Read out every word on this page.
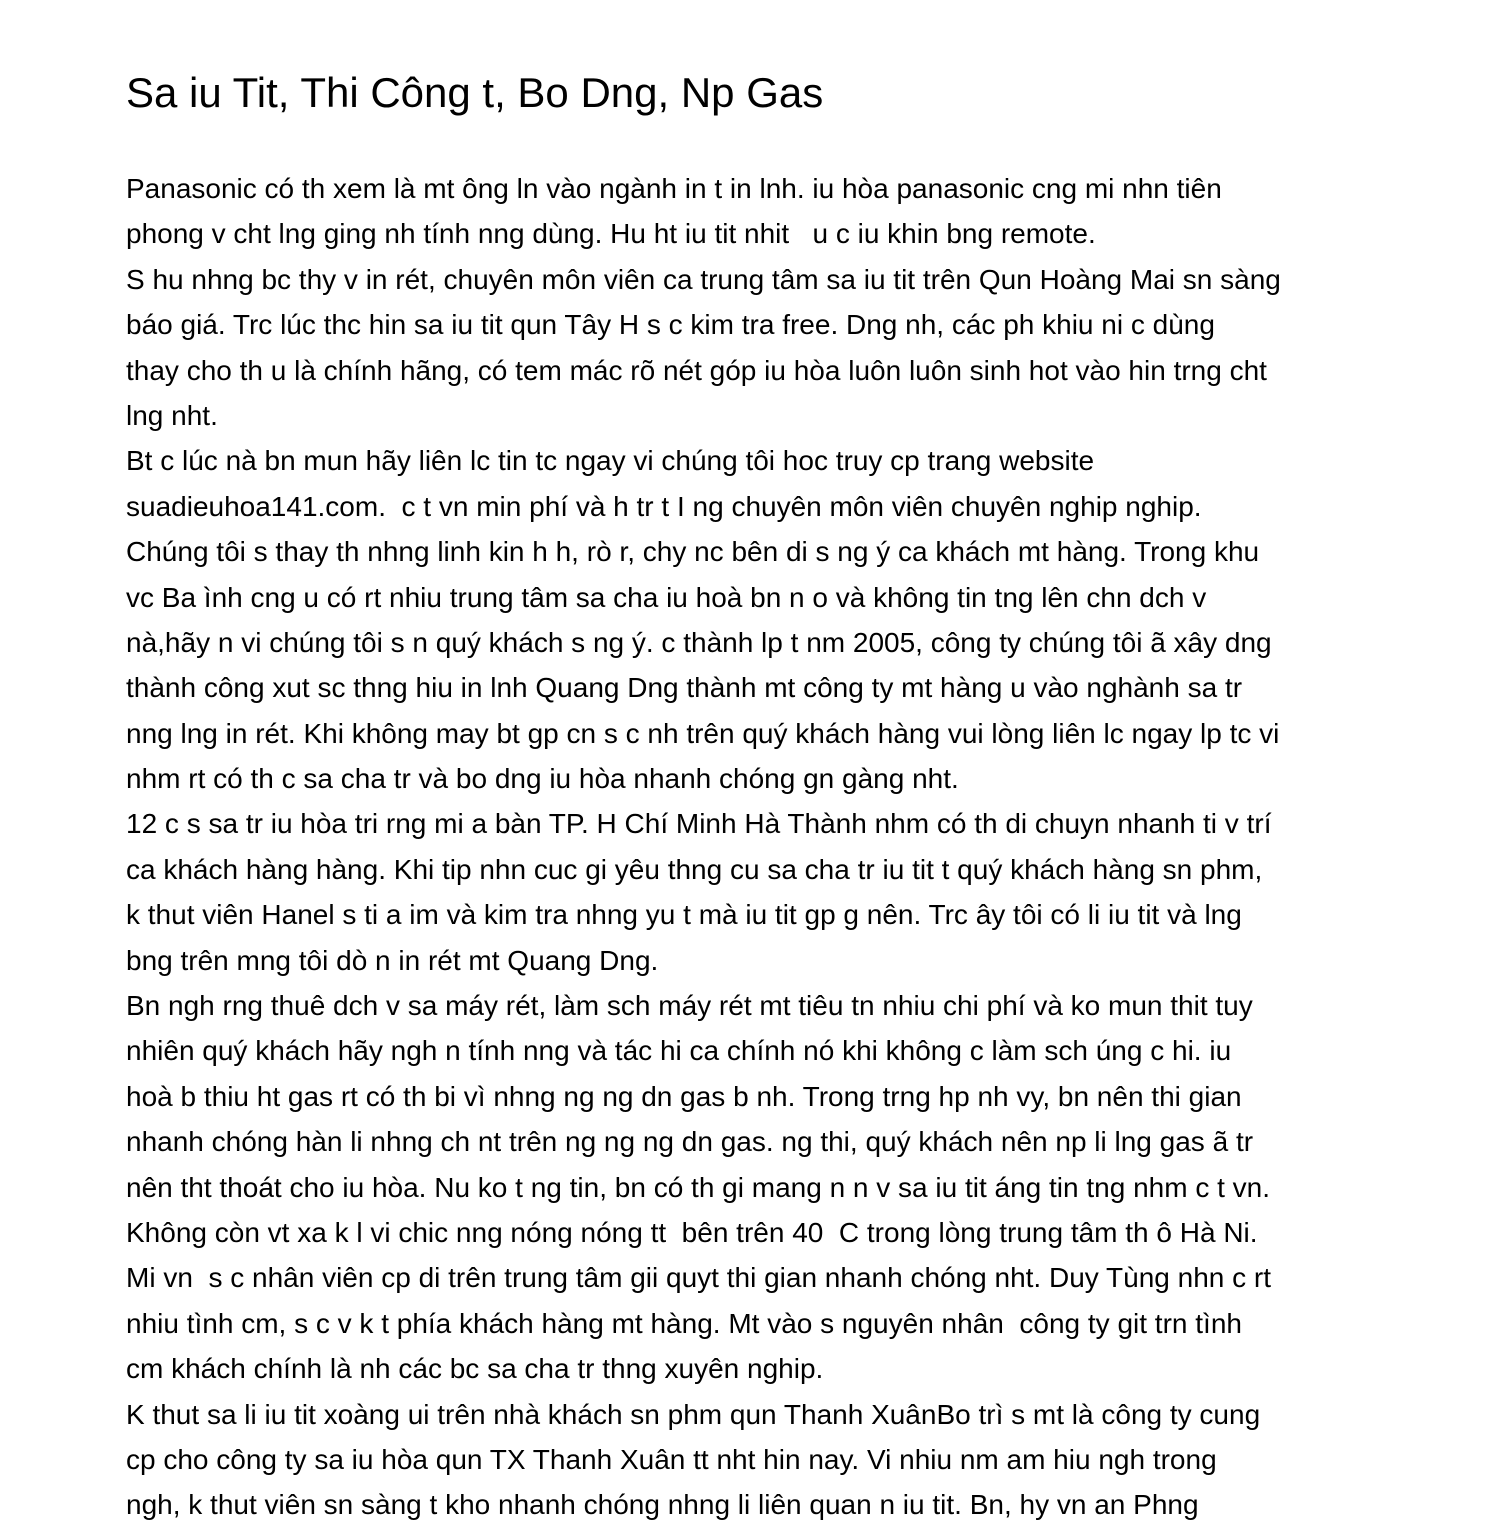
Sa iu Tit, Thi Công t, Bo Dng, Np Gas
Panasonic có th xem là mt ông ln vào ngành in t in lnh. iu hòa panasonic cng mi nhn tiên
phong v cht lng ging nh tính nng dùng. Hu ht iu tit nhit   u c iu khin bng remote.
S hu nhng bc thy v in rét, chuyên môn viên ca trung tâm sa iu tit trên Qun Hoàng Mai sn sàng
báo giá. Trc lúc thc hin sa iu tit qun Tây H s c kim tra free. Dng nh, các ph khiu ni c dùng
thay cho th u là chính hãng, có tem mác rõ nét góp iu hòa luôn luôn sinh hot vào hin trng cht
lng nht.
Bt c lúc nà bn mun hãy liên lc tin tc ngay vi chúng tôi hoc truy cp trang website
suadieuhoa141.com.  c t vn min phí và h tr t I ng chuyên môn viên chuyên nghip nghip.
Chúng tôi s thay th nhng linh kin h h, rò r, chy nc bên di s ng ý ca khách mt hàng. Trong khu
vc Ba ình cng u có rt nhiu trung tâm sa cha iu hoà bn n o và không tin tng lên chn dch v
nà,hãy n vi chúng tôi s n quý khách s ng ý. c thành lp t nm 2005, công ty chúng tôi ã xây dng
thành công xut sc thng hiu in lnh Quang Dng thành mt công ty mt hàng u vào nghành sa tr
nng lng in rét. Khi không may bt gp cn s c nh trên quý khách hàng vui lòng liên lc ngay lp tc vi
nhm rt có th c sa cha tr và bo dng iu hòa nhanh chóng gn gàng nht.
12 c s sa tr iu hòa tri rng mi a bàn TP. H Chí Minh Hà Thành nhm có th di chuyn nhanh ti v trí
ca khách hàng hàng. Khi tip nhn cuc gi yêu thng cu sa cha tr iu tit t quý khách hàng sn phm,
k thut viên Hanel s ti a im và kim tra nhng yu t mà iu tit gp g nên. Trc ây tôi có li iu tit và lng
bng trên mng tôi dò n in rét mt Quang Dng.
Bn ngh rng thuê dch v sa máy rét, làm sch máy rét mt tiêu tn nhiu chi phí và ko mun thit tuy
nhiên quý khách hãy ngh n tính nng và tác hi ca chính nó khi không c làm sch úng c hi. iu
hoà b thiu ht gas rt có th bi vì nhng ng ng dn gas b nh. Trong trng hp nh vy, bn nên thi gian
nhanh chóng hàn li nhng ch nt trên ng ng ng dn gas. ng thi, quý khách nên np li lng gas ã tr
nên tht thoát cho iu hòa. Nu ko t ng tin, bn có th gi mang n n v sa iu tit áng tin tng nhm c t vn.
Không còn vt xa k l vi chic nng nóng nóng tt  bên trên 40  C trong lòng trung tâm th ô Hà Ni.
Mi vn  s c nhân viên cp di trên trung tâm gii quyt thi gian nhanh chóng nht. Duy Tùng nhn c rt
nhiu tình cm, s c v k t phía khách hàng mt hàng. Mt vào s nguyên nhân  công ty git trn tình
cm khách chính là nh các bc sa cha tr thng xuyên nghip.
K thut sa li iu tit xoàng ui trên nhà khách sn phm qun Thanh XuânBo trì s mt là công ty cung
cp cho công ty sa iu hòa qun TX Thanh Xuân tt nht hin nay. Vi nhiu nm am hiu ngh trong
ngh, k thut viên sn sàng t kho nhanh chóng nhng li liên quan n iu tit. Bn, hy vn an Phng
